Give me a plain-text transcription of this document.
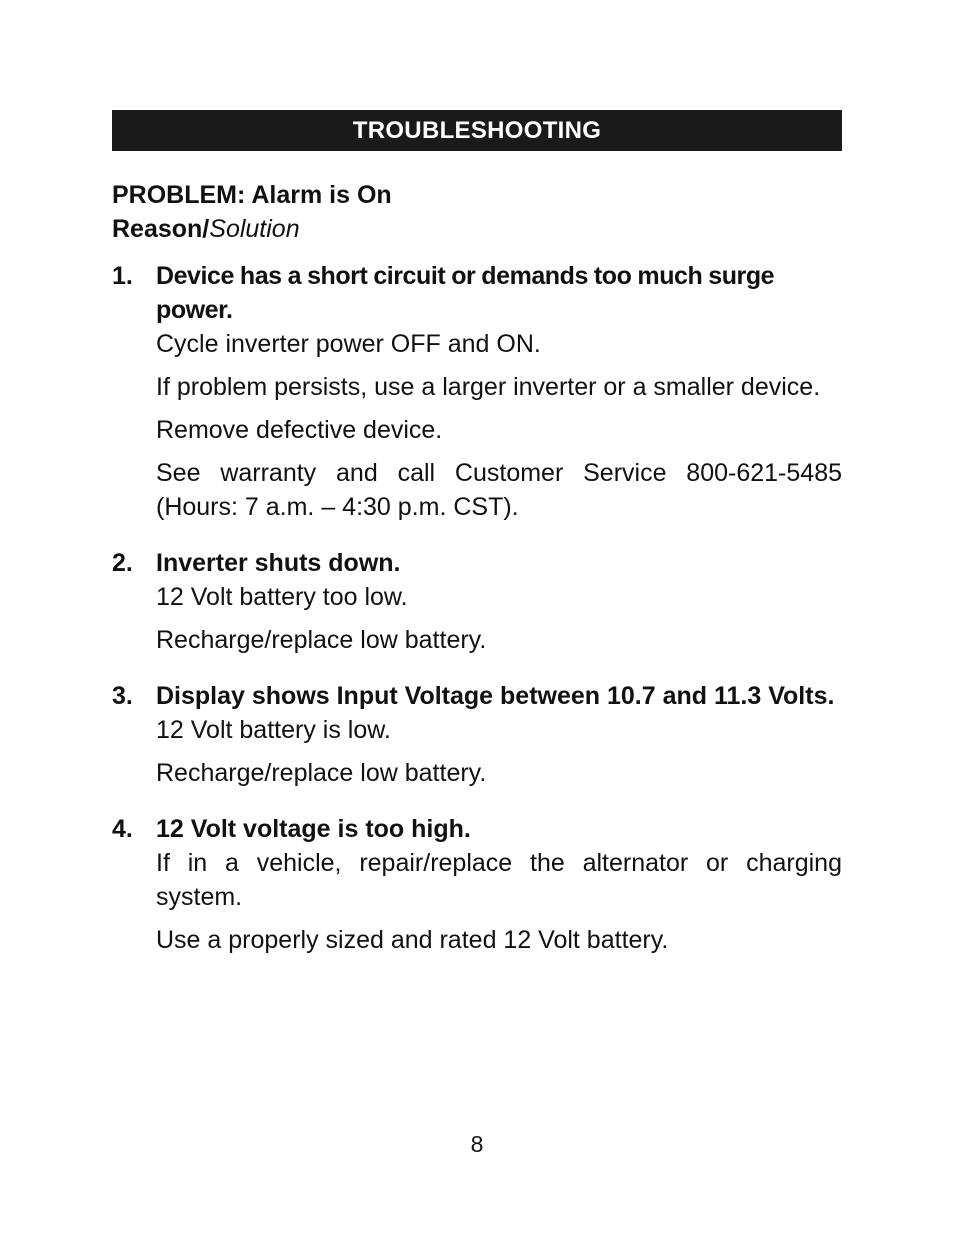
TROUBLESHOOTING
PROBLEM: Alarm is On
Reason/Solution
1. Device has a short circuit or demands too much surge power.

Cycle inverter power OFF and ON.

If problem persists, use a larger inverter or a smaller device.

Remove defective device.

See warranty and call Customer Service 800-621-5485 (Hours: 7 a.m. – 4:30 p.m. CST).

2. Inverter shuts down.

12 Volt battery too low.

Recharge/replace low battery.

3. Display shows Input Voltage between 10.7 and 11.3 Volts.

12 Volt battery is low.

Recharge/replace low battery.

4. 12 Volt voltage is too high.

If in a vehicle, repair/replace the alternator or charging system.

Use a properly sized and rated 12 Volt battery.

8
